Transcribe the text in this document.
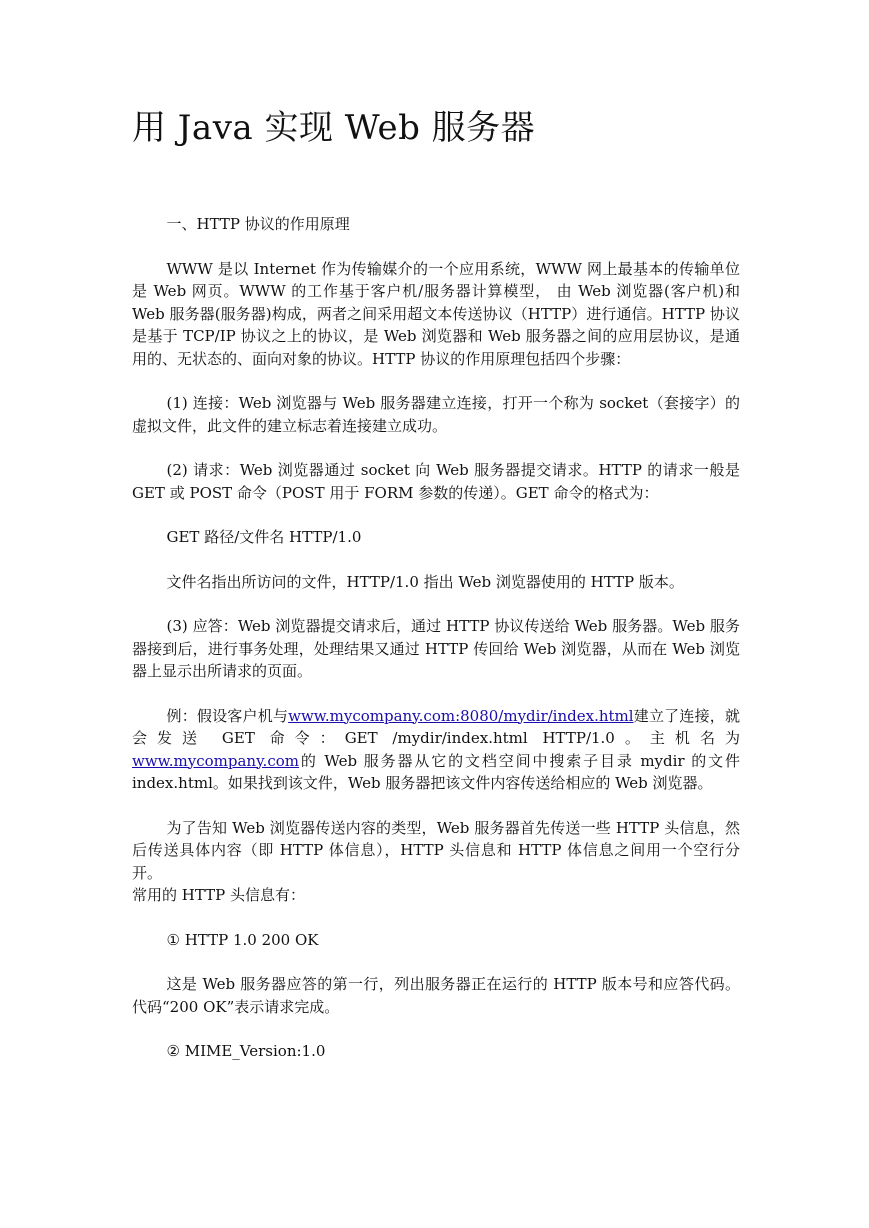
用 Java 实现 Web 服务器

一、HTTP 协议的作用原理

WWW 是以 Internet 作为传输媒介的一个应用系统，WWW 网上最基本的传输单位是 Web 网页。WWW 的工作基于客户机/服务器计算模型， 由 Web 浏览器(客户机)和 Web 服务器(服务器)构成，两者之间采用超文本传送协议（HTTP）进行通信。HTTP 协议是基于 TCP/IP 协议之上的协议，是 Web 浏览器和 Web 服务器之间的应用层协议，是通用的、无状态的、面向对象的协议。HTTP 协议的作用原理包括四个步骤：

(1) 连接：Web 浏览器与 Web 服务器建立连接，打开一个称为 socket（套接字）的虚拟文件，此文件的建立标志着连接建立成功。

(2) 请求：Web 浏览器通过 socket 向 Web 服务器提交请求。HTTP 的请求一般是 GET 或 POST 命令（POST 用于 FORM 参数的传递）。GET 命令的格式为：

GET 路径/文件名 HTTP/1.0

文件名指出所访问的文件，HTTP/1.0 指出 Web 浏览器使用的 HTTP 版本。

(3) 应答：Web 浏览器提交请求后，通过 HTTP 协议传送给 Web 服务器。Web 服务器接到后，进行事务处理，处理结果又通过 HTTP 传回给 Web 浏览器，从而在 Web 浏览器上显示出所请求的页面。

例：假设客户机与www.mycompany.com:8080/mydir/index.html建立了连接，就会发送 GET 命令：GET /mydir/index.html HTTP/1.0。主机名为www.mycompany.com的 Web 服务器从它的文档空间中搜索子目录 mydir 的文件 index.html。如果找到该文件，Web 服务器把该文件内容传送给相应的 Web 浏览器。

为了告知 Web 浏览器传送内容的类型，Web 服务器首先传送一些 HTTP 头信息，然后传送具体内容（即 HTTP 体信息），HTTP 头信息和 HTTP 体信息之间用一个空行分开。

常用的 HTTP 头信息有：

① HTTP 1.0 200 OK

这是 Web 服务器应答的第一行，列出服务器正在运行的 HTTP 版本号和应答代码。代码“200 OK”表示请求完成。

② MIME_Version:1.0
